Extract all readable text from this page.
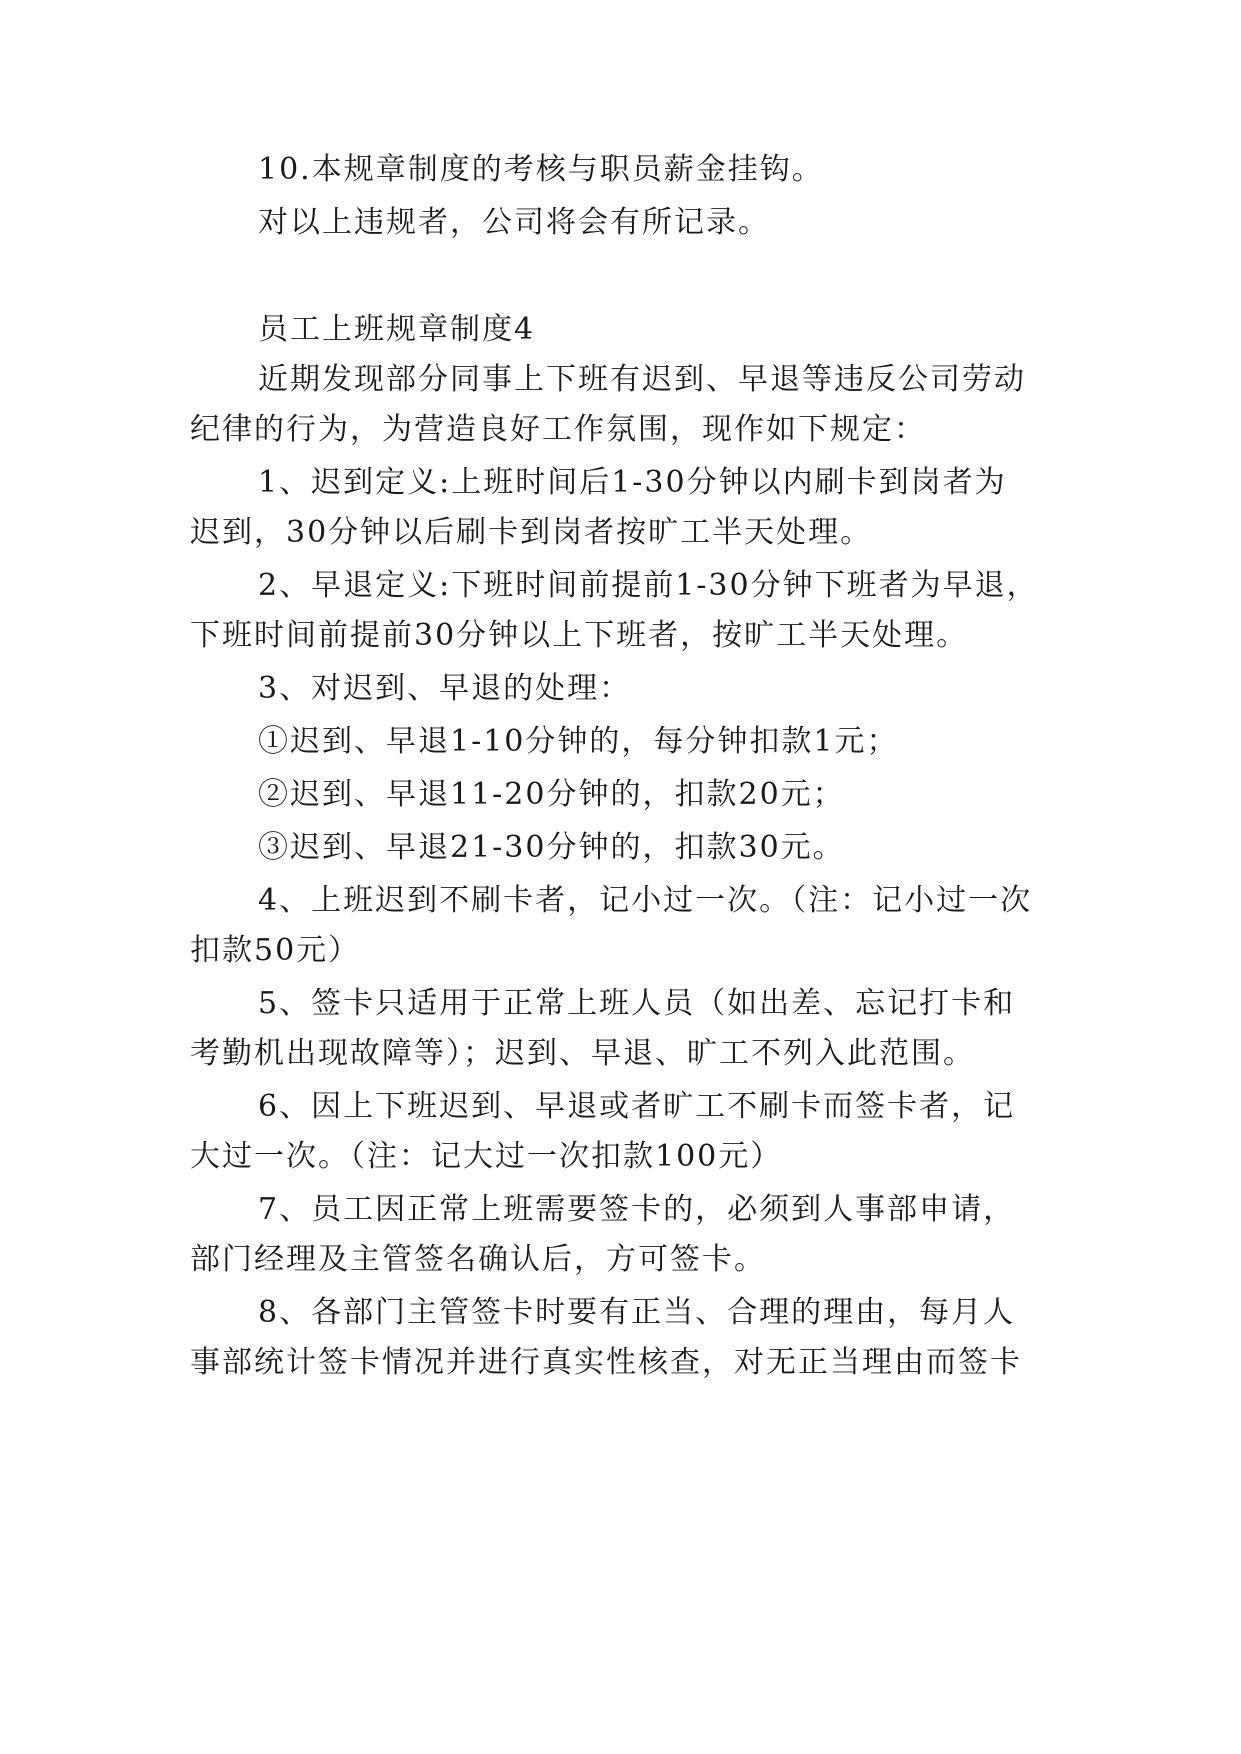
10.本规章制度的考核与职员薪金挂钩。

对以上违规者，公司将会有所记录。

员工上班规章制度4

近期发现部分同事上下班有迟到、早退等违反公司劳动

纪律的行为，为营造良好工作氛围，现作如下规定：

1、迟到定义:上班时间后1-30分钟以内刷卡到岗者为

迟到，30分钟以后刷卡到岗者按旷工半天处理。

2、早退定义:下班时间前提前1-30分钟下班者为早退，

下班时间前提前30分钟以上下班者，按旷工半天处理。

3、对迟到、早退的处理：

①迟到、早退1-10分钟的，每分钟扣款1元；

②迟到、早退11-20分钟的，扣款20元；

③迟到、早退21-30分钟的，扣款30元。

4、上班迟到不刷卡者，记小过一次。（注：记小过一次

扣款50元）

5、签卡只适用于正常上班人员（如出差、忘记打卡和

考勤机出现故障等）；迟到、早退、旷工不列入此范围。

6、因上下班迟到、早退或者旷工不刷卡而签卡者，记

大过一次。（注：记大过一次扣款100元）

7、员工因正常上班需要签卡的，必须到人事部申请，

部门经理及主管签名确认后，方可签卡。

8、各部门主管签卡时要有正当、合理的理由，每月人

事部统计签卡情况并进行真实性核查，对无正当理由而签卡
